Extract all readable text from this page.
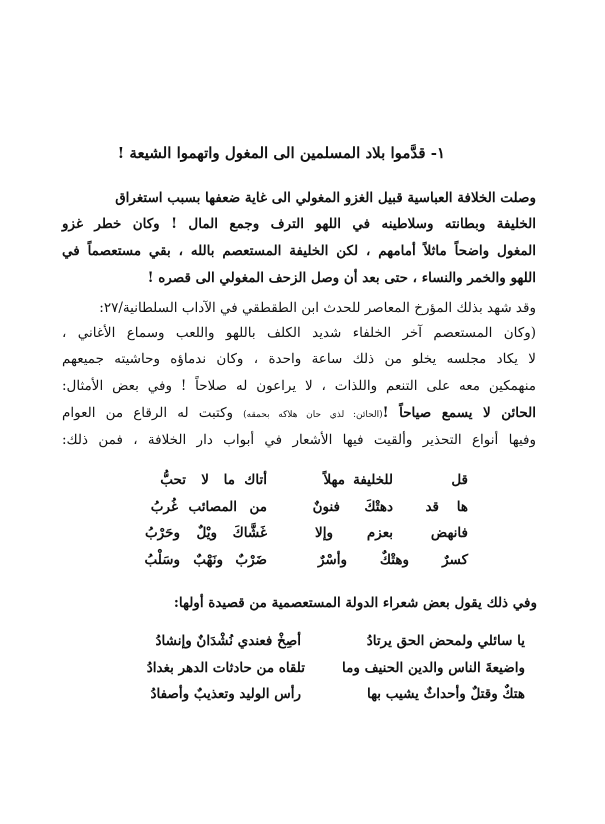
١- قدَّموا بلاد المسلمين الى المغول واتهموا الشيعة !
وصلت الخلافة العباسية قبيل الغزو المغولي الى غاية ضعفها بسبب استغراق
الخليفة وبطانته وسلاطينه في اللهو الترف وجمع المال ! وكان خطر غزو
المغول واضحاً ماثلاً أمامهم ، لكن الخليفة المستعصم بالله ، بقي مستعصماً في
اللهو والخمر والنساء ، حتى بعد أن وصل الزحف المغولي الى قصره !
وقد شهد بذلك المؤرخ المعاصر للحدث ابن الطقطقي في الآداب السلطانية/٢٧:
(وكان المستعصم آخر الخلفاء شديد الكلف باللهو واللعب وسماع الأغاني ،
لا يكاد مجلسه يخلو من ذلك ساعة واحدة ، وكان ندماؤه وحاشيته جميعهم
منهمكين معه على التنعم واللذات ، لا يراعون له صلاحاً ! وفي بعض الأمثال:
الحائن لا يسمع صياحاً !(الحائن: لذي حان هلاكه بحمقه) وكتبت له الرقاع من العوام
وفيها أنواع التحذير وألقيت فيها الأشعار في أبواب دار الخلافة ، فمن ذلك:
قل
للخليفة
مهلاً
أتاك
ما
لا
تحبُّ
ها
قد
دهتْكَ
فنونٌ
من
المصائب
غُربُ
فانهض
بعزم
وإلا
غَشَّاكَ
ويْلٌ
وحَرْبُ
كسرٌ
وهتْكٌ
وأسْرٌ
ضَرْبٌ
ونَهْبٌ
وسَلْبُ
وفي ذلك يقول بعض شعراء الدولة المستعصمية من قصيدة أولها:
يا سائلي ولمحض الحق يرتادُ
أصِخْ فعندي نُشْدَانٌ وإنشادُ
واضيعةَ الناس والدين الحنيف وما
تلقاه من حادثات الدهر بغدادُ
هتكٌ وقتلٌ وأحداثٌ يشيب بها
رأس الوليد وتعذيبٌ وأصفادُ
